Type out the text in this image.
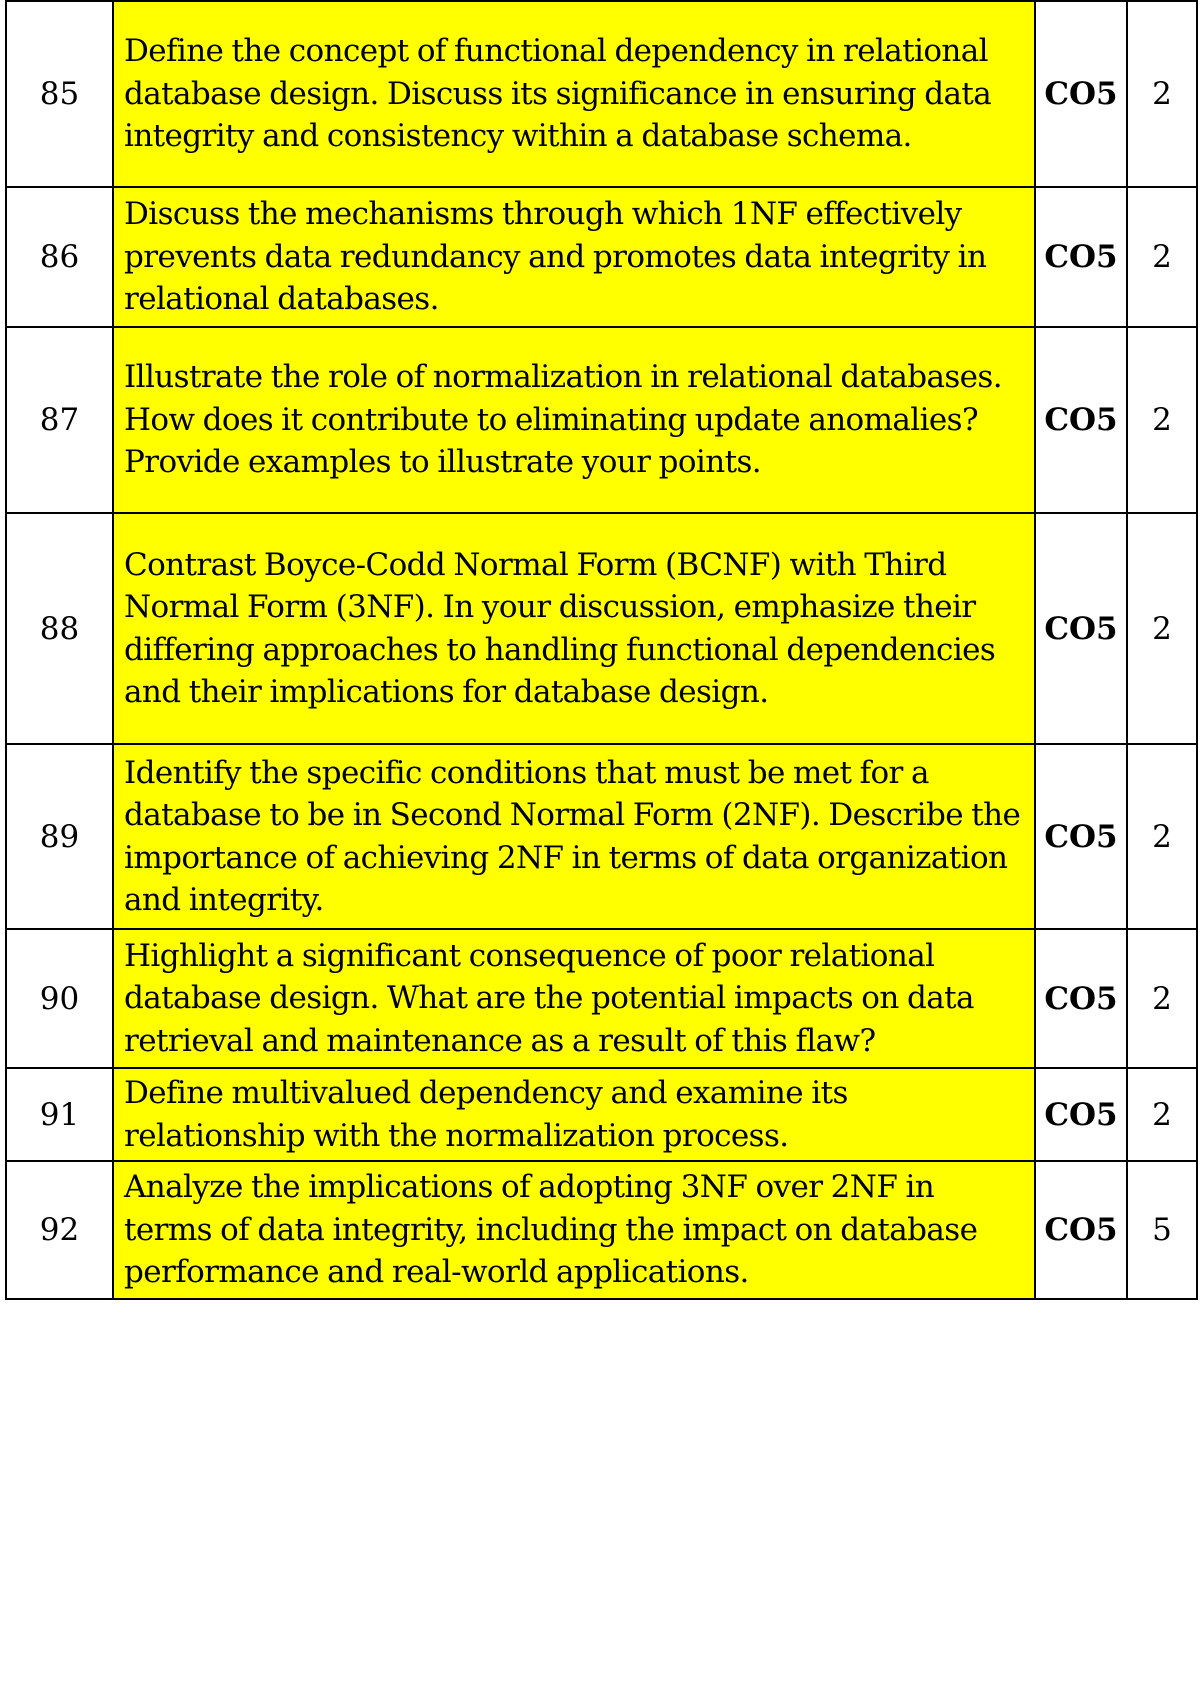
85	Define the concept of functional dependency in relational database design. Discuss its significance in ensuring data integrity and consistency within a database schema.	CO5	2
86	Discuss the mechanisms through which 1NF effectively prevents data redundancy and promotes data integrity in relational databases.	CO5	2
87	Illustrate the role of normalization in relational databases. How does it contribute to eliminating update anomalies? Provide examples to illustrate your points.	CO5	2
88	Contrast Boyce-Codd Normal Form (BCNF) with Third Normal Form (3NF). In your discussion, emphasize their differing approaches to handling functional dependencies and their implications for database design.	CO5	2
89	Identify the specific conditions that must be met for a database to be in Second Normal Form (2NF). Describe the importance of achieving 2NF in terms of data organization and integrity.	CO5	2
90	Highlight a significant consequence of poor relational database design. What are the potential impacts on data retrieval and maintenance as a result of this flaw?	CO5	2
91	Define multivalued dependency and examine its relationship with the normalization process.	CO5	2
92	Analyze the implications of adopting 3NF over 2NF in terms of data integrity, including the impact on database performance and real-world applications.	CO5	5
